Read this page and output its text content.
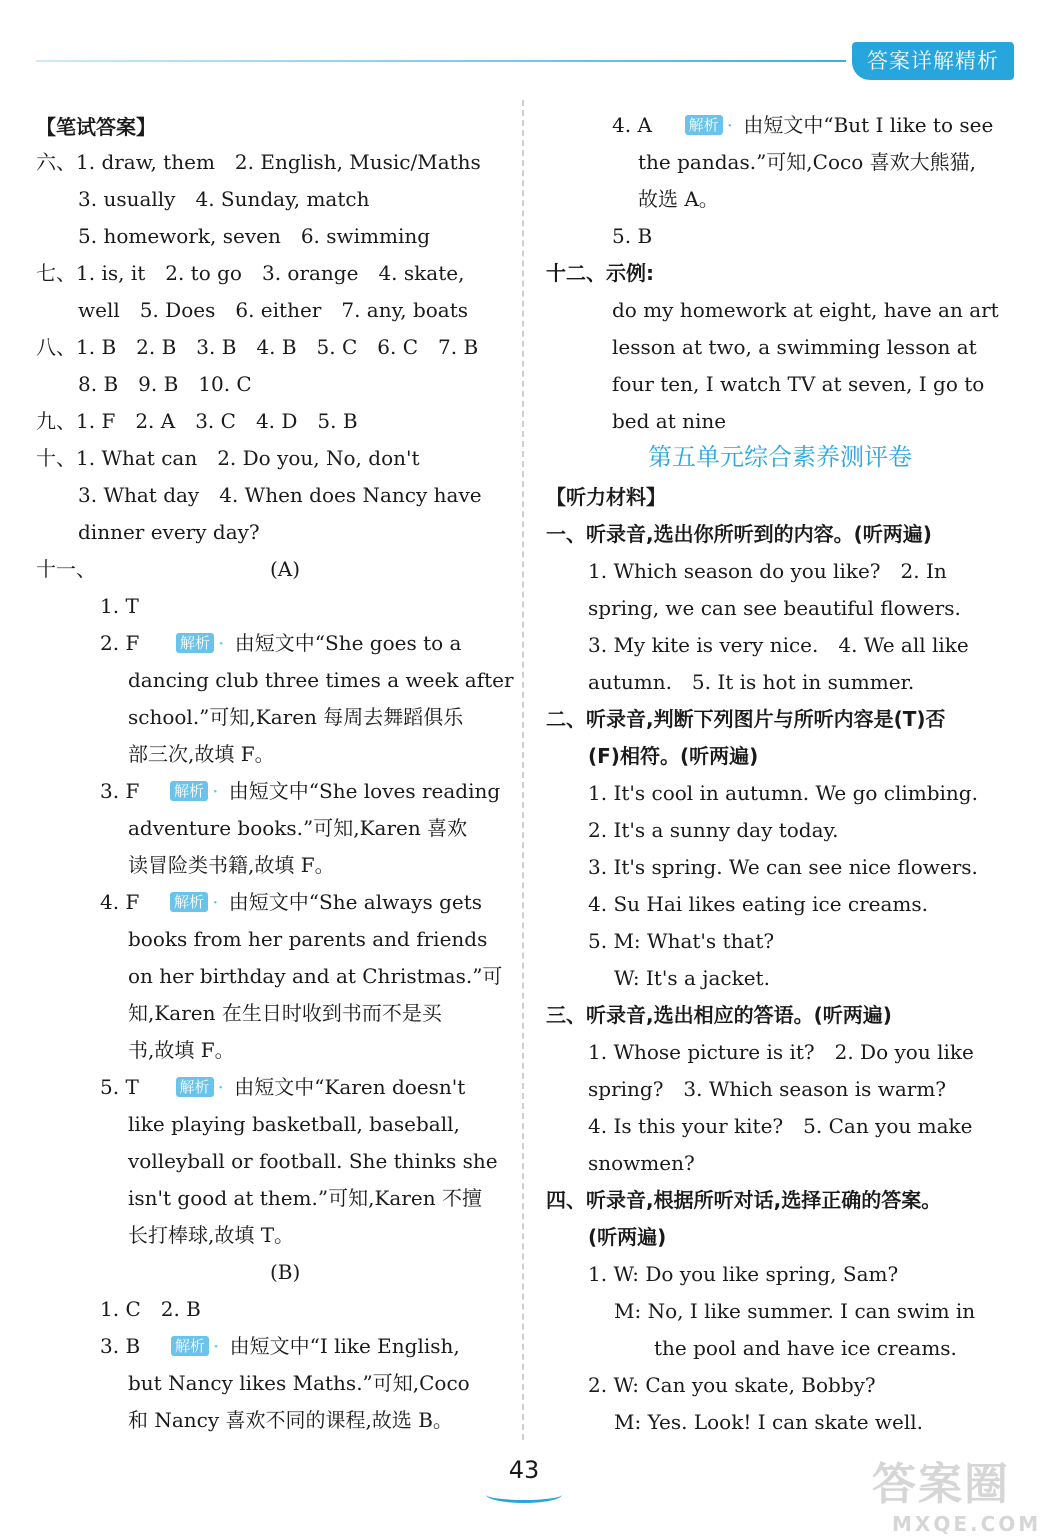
答案详解精析
【笔试答案】
六、1. draw, them　2. English, Music/Maths
3. usually　4. Sunday, match
5. homework, seven　6. swimming
七、1. is, it　2. to go　3. orange　4. skate,
well　5. Does　6. either　7. any, boats
八、1. B　2. B　3. B　4. B　5. C　6. C　7. B
8. B　9. B　10. C
九、1. F　2. A　3. C　4. D　5. B
十、1. What can　2. Do you, No, don't
3. What day　4. When does Nancy have
dinner every day?
十一、	(A)
1. T
2. F	解析 · 由短文中“She goes to a
dancing club three times a week after
school.”可知,Karen 每周去舞蹈俱乐
部三次,故填 F。
3. F 解析 · 由短文中“She loves reading
adventure books.”可知,Karen 喜欢
读冒险类书籍,故填 F。
4. F 解析 · 由短文中“She always gets
books from her parents and friends
on her birthday and at Christmas.”可
知,Karen 在生日时收到书而不是买
书,故填 F。
5. T	解析 · 由短文中“Karen doesn't
like playing basketball, baseball,
volleyball or football. She thinks she
isn't good at them.”可知,Karen 不擅
长打棒球,故填 T。
(B)
1. C　2. B
3. B 解析 · 由短文中“I like English,
but Nancy likes Maths.”可知,Coco
和 Nancy 喜欢不同的课程,故选 B。
4. A 解析 · 由短文中“But I like to see
the pandas.”可知,Coco 喜欢大熊猫,
故选 A。
5. B
十二、示例:
do my homework at eight, have an art
lesson at two, a swimming lesson at
four ten, I watch TV at seven, I go to
bed at nine
第五单元综合素养测评卷
【听力材料】
一、听录音,选出你所听到的内容。(听两遍)
1. Which season do you like?　2. In
spring, we can see beautiful flowers.
3. My kite is very nice.　4. We all like
autumn.　5. It is hot in summer.
二、听录音,判断下列图片与所听内容是(T)否
(F)相符。(听两遍)
1. It's cool in autumn. We go climbing.
2. It's a sunny day today.
3. It's spring. We can see nice flowers.
4. Su Hai likes eating ice creams.
5. M: What's that?
W: It's a jacket.
三、听录音,选出相应的答语。(听两遍)
1. Whose picture is it?　2. Do you like
spring?　3. Which season is warm?
4. Is this your kite?　5. Can you make
snowmen?
四、听录音,根据所听对话,选择正确的答案。
(听两遍)
1. W: Do you like spring, Sam?
M: No, I like summer. I can swim in
the pool and have ice creams.
2. W: Can you skate, Bobby?
M: Yes. Look! I can skate well.
43	答案圈
MXQE.COM
